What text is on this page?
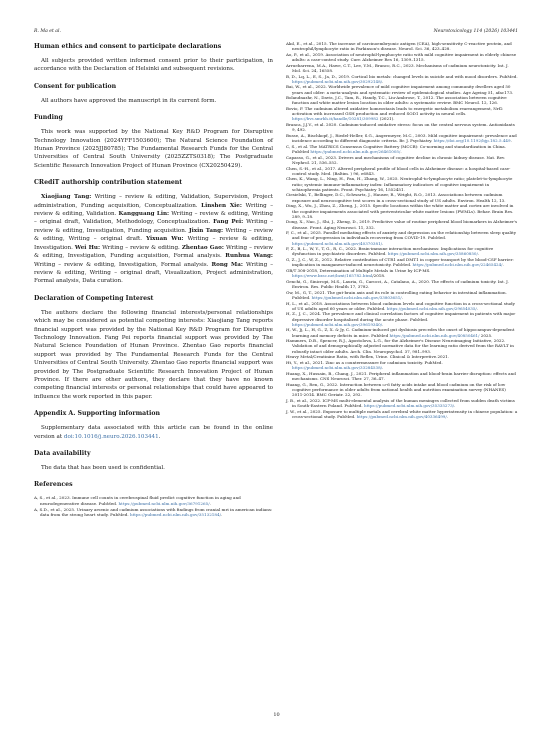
R. Ma et al.	Neurotoxicology 114 (2026) 103441

Human ethics and consent to participate declarations

All subjects provided written informed consent prior to their participation, in accordance with the Declaration of Helsinki and subsequent revisions.

Consent for publication

All authors have approved the manuscript in its current form.

Funding

This work was supported by the National Key R&D Program for Disruptive Technology Innovation (2024YFF1503600); The Natural Science Foundation of Hunan Province (2025JJ80785); The Fundamental Research Funds for the Central Universities of Central South University (2025ZZTS0318); The Postgraduate Scientific Research Innovation Project of Hunan Province (CX20250429).

CRediT authorship contribution statement

Xiaojiang Tang: Writing – review & editing, Validation, Supervision, Project administration, Funding acquisition, Conceptualization. Linshen Xie: Writing – review & editing, Validation. Kangguang Lin: Writing – review & editing, Writing – original draft, Validation, Methodology, Conceptualization. Fang Pei: Writing – review & editing, Investigation, Funding acquisition. Jixin Tang: Writing – review & editing, Writing – original draft. Yixuan Wu: Writing – review & editing, Investigation. Wei Hu: Writing – review & editing. Zhentao Gao: Writing – review & editing, Investigation, Funding acquisition, Formal analysis. Runhua Wang: Writing – review & editing, Investigation, Formal analysis. Rong Ma: Writing – review & editing, Writing – original draft, Visualization, Project administration, Formal analysis, Data curation.

Declaration of Competing Interest

The authors declare the following financial interests/personal relationships which may be considered as potential competing interests: Xiaojiang Tang reports financial support was provided by the National Key R&D Program for Disruptive Technology Innovation. Fang Pei reports financial support was provided by The Natural Science Foundation of Hunan Province. Zhentao Gao reports financial support was provided by The Fundamental Research Funds for the Central Universities of Central South University. Zhentao Gao reports financial support was provided by The Postgraduate Scientific Research Innovation Project of Hunan Province. If there are other authors, they declare that they have no known competing financial interests or personal relationships that could have appeared to influence the work reported in this paper.

Appendix A. Supporting information

Supplementary data associated with this article can be found in the online version at doi:10.1016/j.neuro.2026.103441.

Data availability

The data that has been used is confidential.

References

A, S., et al., 2023. Immune cell counts in cerebrospinal fluid predict cognitive function in aging and neurodegenerative disease. PubMed. https://pubmed.ncbi.nlm.nih.gov/36791265/.

A, S.D., et al., 2025. Urinary arsenic and cadmium associations with findings from cranial mri in american indians: data from the strong heart study. PubMed. https://pubmed.ncbi.nlm.nih.gov/35132184/.

Akıl, E., et al., 2015. The increase of carcinoembryonic antigen (CEA), high-sensitivity C-reactive protein, and neutrophil/lymphocyte ratio in Parkinson's disease. Neurol. Sci. 36, 423–428.

Ao, P., et al., 2019. Association of neutrophil-lymphocyte ratio with mild cognitive impairment in elderly chinese adults: a case-control study. Curr. Alzheimer Res 16, 1309–1315.

Arruebarrena, M.A., Hawe, C.T., Lee, Y.M., Branco, R.C., 2023. Mechanisms of cadmium neurotoxicity. Int. J. Mol. Sci. 24, 16558.

B, D., Lq, L., E, S., Ja, D., 2019. Cortical bio metals: changed levels in suicide and with mood disorders. PubMed. https://pubmed.ncbi.nlm.nih.gov/30292148/.

Bai, W., et al., 2022. Worldwide prevalence of mild cognitive impairment among community dwellers aged 50 years and older: a meta-analysis and systematic review of epidemiological studies. Age Ageing 51, afac173.

Bolandnazhr, N., Davis, J.C., Tam, R., Handy, T.C., Liu-Ambrose, T., 2012. The association between cognitive function and white matter lesion location in older adults: a systematic review. BMC Neurol. 12, 126.

Bovio, F. The cadmium altered oxidative homeostasis leads to energetic metabolism rearrangement, Nrf2 activation with increased GSH production and reduced SOD1 activity in neural cells. https://bvs.smrhh.it/handle/10281/309982 (2021).

Branca, J.J.V., et al. 2020. Cadmium-induced oxidative stress: focus on the central nervous system. Antioxidants 9, 492.

Busse, A., Bischkopf, J., Riedel-Heller, S.G., Angermeyer, M.C., 2003. Mild cognitive impairment: prevalence and incidence according to different diagnostic criteria. Br. J. Psychiatry. https://doi.org/10.1192/bjp.182.5.449.

C, S., et al. The MATRICS Consensus Cognitive Battery (MCCB): Co-norming and standardization in China. PubMed https://pubmed.ncbi.nlm.nih.gov/26461005/.

Capasso, G., et al., 2023. Drivers and mechanisms of cognitive decline in chronic kidney disease. Nat. Rev. Nephrol. 21, 536–552.

Chen, S.-H., et al., 2017. Altered peripheral profile of blood cells in Alzheimer disease: a hospital-based case-control study. Med. (Baltim. ) 96, e6843.

Chen, K., Wang, L., Ning, H., Pan, H., Zhang, W., 2025. Neutrophil-to-lymphocyte ratio; platelet-to-lymphocyte ratio; systemic immune-inflammatory index: Inflammatory indicators of cognitive impairment in schizophrenia patients. Front. Psychiatry 16, 1552451.

Ciesielski, T., Bellinger, D.C., Schwartz, J., Hauser, R., Wright, R.O., 2013. Associations between cadmium exposure and neurocognitive test scores in a cross-sectional study of US adults. Environ. Health 12, 13.

Ding, X., Wu, J., Zhou, Z., Zheng, J., 2015. Specific locations within the white matter and cortex are involved in the cognitive impairments associated with periventricular white matter lesions (PWMLs). Behav. Brain Res. 289, 9–18.

Dong, X., Nao, J., Shi, J., Zheng, D., 2019. Predictive value of routine peripheral blood biomarkers in Alzheimer's disease. Front. Aging Neurosci. 11, 332.

F, C., et al., 2025. Parallel mediating effects of anxiety and depression on the relationship between sleep quality and fear of progression in individuals recovering from COVID-19. PubMed. https://pubmed.ncbi.nlm.nih.gov/40370381/.

F, Z., B, L., W, Y., T, G., R, C., 2022. Brain-immune interaction mechanisms: Implications for cognitive dysfunction in psychiatric disorders. PubMed. https://pubmed.ncbi.nlm.nih.gov/35860850/.

G, Z., J, C., W, Z., 2012. Relative contribution of CTR1 and DMT1 in copper transport by the blood-CSF barrier: implication in manganese-induced neurotoxicity. PubMed. https://pubmed.ncbi.nlm.nih.gov/22465424/.

GB/T 308-2018, Determination of Multiple Metals in Urine by ICP-MS. https://www.bzsc.net/bzxt/165782.html/2018.

Genchi, G., Sinicropi, M.S., Lauria, G., Carocci, A., Catalano, A., 2020. The effects of cadmium toxicity. Int. J. Environ. Res. Public Health 17, 3782.

Gw, M., G, T., 2021. The gut-brain axis and its role in controlling eating behavior in intestinal inflammation. PubMed. https://pubmed.ncbi.nlm.nih.gov/33803651/.

H, L., et al., 2018. Associations between blood cadmium levels and cognitive function in a cross-sectional study of US adults aged 60 years or older. PubMed. https://pubmed.ncbi.nlm.nih.gov/29654035/.

H, Z., J, C., 2024. The prevalence and clinical correlation factors of cognitive impairment in patients with major depressive disorder hospitalized during the acute phase. PubMed. https://pubmed.ncbi.nlm.nih.gov/39619340/.

H, W., Jj, L., H, G., Z, X. & Jy, C. Cadmium-induced gut dysbiosis precedes the onset of hippocampus-dependent learning and memory deficits in mice. PubMed https://pubmed.ncbi.nlm.nih.gov/40850461/ 2025.

Hammers, D.B., Spencer, R.J., Apostolova, L.G., for the Alzheimer's Disease Neuroimaging Initiative, 2022. Validation of and demographically adjusted normative data for the learning ratio derived from the RAVLT in robustly intact older adults. Arch. Clin. Neuropsychol. 37, 981–993.

Heavy Metal/Creatinine Ratio, with Reflex, Urine. Clinical & Interpretive.2021.

Ht, Y., et al., 2021. Zinc as a countermeasure for cadmium toxicity. PubMed. https://pubmed.ncbi.nlm.nih.gov/33284538/.

Huang, X., Hussain, B., Chang, J., 2021. Peripheral inflammation and blood-brain barrier disruption: effects and mechanisms. CNS Neurosci. Ther. 27, 36–47.

Huang, G., Ren, G., 2022. Interaction between ω-6 fatty acids intake and blood cadmium on the risk of low cognitive performance in older adults from national health and nutrition examination survey (NHANES) 2011-2014. BMC Geriatr. 22, 292.

J, B., et al., 2022. ICP-MS multi-elemental analysis of the human meninges collected from sudden death victims in South-Eastern Poland. PubMed. https://pubmed.ncbi.nlm.nih.gov/35335273/.

J, W., et al., 2025. Exposure to multiple metals and cerebral white matter hyperintensity in chinese population: a cross-sectional study. PubMed. https://pubmed.ncbi.nlm.nih.gov/40336499/.

10
